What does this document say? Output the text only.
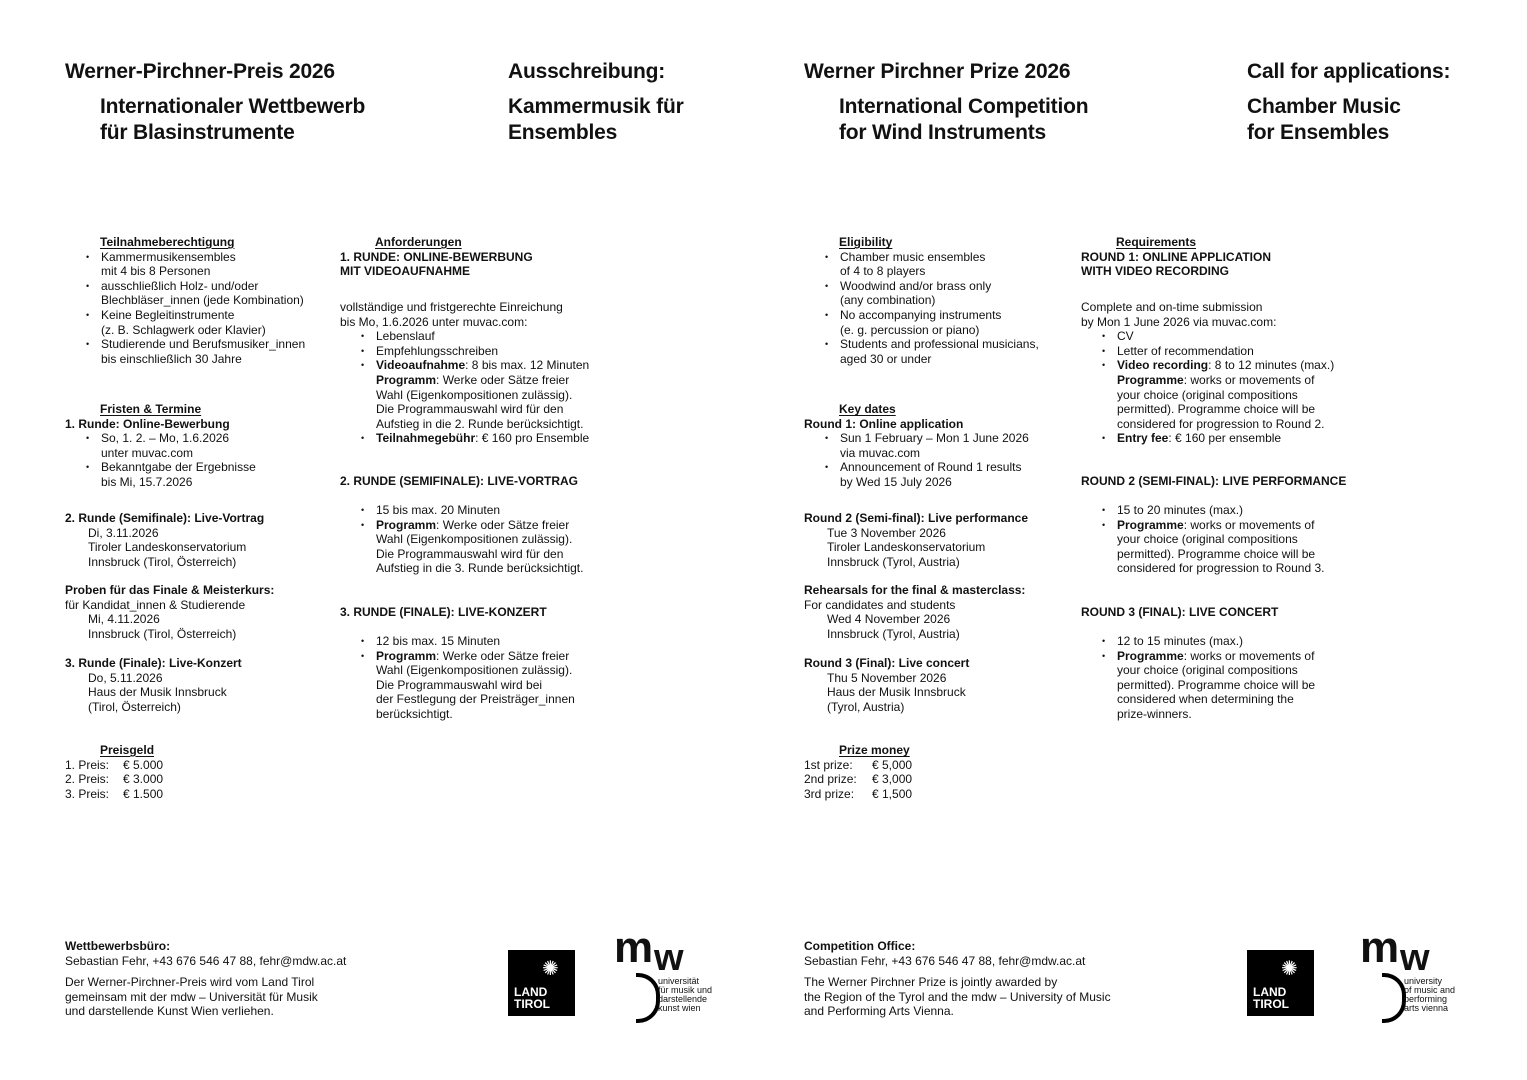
Werner-Pirchner-Preis 2026
Internationaler Wettbewerb
für Blasinstrumente
Ausschreibung:
Kammermusik für
Ensembles
Werner Pirchner Prize 2026
International Competition
for Wind Instruments
Call for applications:
Chamber Music
for Ensembles
Teilnahmeberechtigung
• Kammermusikensembles
mit 4 bis 8 Personen
• ausschließlich Holz- und/oder
Blechbläser_innen (jede Kombination)
• Keine Begleitinstrumente
(z. B. Schlagwerk oder Klavier)
• Studierende und Berufsmusiker_innen
bis einschließlich 30 Jahre
Fristen & Termine
1. Runde: Online-Bewerbung
• So, 1. 2. – Mo, 1.6.2026
unter muvac.com
• Bekanntgabe der Ergebnisse
bis Mi, 15.7.2026
2. Runde (Semifinale): Live-Vortrag
Di, 3.11.2026
Tiroler Landeskonservatorium
Innsbruck (Tirol, Österreich)
Proben für das Finale & Meisterkurs:
für Kandidat_innen & Studierende
Mi, 4.11.2026
Innsbruck (Tirol, Österreich)
3. Runde (Finale): Live-Konzert
Do, 5.11.2026
Haus der Musik Innsbruck
(Tirol, Österreich)
Preisgeld
1. Preis: € 5.000
2. Preis: € 3.000
3. Preis: € 1.500
Anforderungen
1. RUNDE: ONLINE-BEWERBUNG
MIT VIDEOAUFNAHME
vollständige und fristgerechte Einreichung
bis Mo, 1.6.2026 unter muvac.com:
• Lebenslauf
• Empfehlungsschreiben
• Videoaufnahme: 8 bis max. 12 Minuten
Programm: Werke oder Sätze freier
Wahl (Eigenkompositionen zulässig).
Die Programmauswahl wird für den
Aufstieg in die 2. Runde berücksichtigt.
• Teilnahmegebühr: € 160 pro Ensemble
2. RUNDE (SEMIFINALE): LIVE-VORTRAG
• 15 bis max. 20 Minuten
• Programm: Werke oder Sätze freier
Wahl (Eigenkompositionen zulässig).
Die Programmauswahl wird für den
Aufstieg in die 3. Runde berücksichtigt.
3. RUNDE (FINALE): LIVE-KONZERT
• 12 bis max. 15 Minuten
• Programm: Werke oder Sätze freier
Wahl (Eigenkompositionen zulässig).
Die Programmauswahl wird bei
der Festlegung der Preisträger_innen
berücksichtigt.
Eligibility
• Chamber music ensembles
of 4 to 8 players
• Woodwind and/or brass only
(any combination)
• No accompanying instruments
(e. g. percussion or piano)
• Students and professional musicians,
aged 30 or under
Key dates
Round 1: Online application
• Sun 1 February – Mon 1 June 2026
via muvac.com
• Announcement of Round 1 results
by Wed 15 July 2026
Round 2 (Semi-final): Live performance
Tue 3 November 2026
Tiroler Landeskonservatorium
Innsbruck (Tyrol, Austria)
Rehearsals for the final & masterclass:
For candidates and students
Wed 4 November 2026
Innsbruck (Tyrol, Austria)
Round 3 (Final): Live concert
Thu 5 November 2026
Haus der Musik Innsbruck
(Tyrol, Austria)
Prize money
1st prize: € 5,000
2nd prize: € 3,000
3rd prize: € 1,500
Requirements
ROUND 1: ONLINE APPLICATION
WITH VIDEO RECORDING
Complete and on-time submission
by Mon 1 June 2026 via muvac.com:
• CV
• Letter of recommendation
• Video recording: 8 to 12 minutes (max.)
Programme: works or movements of
your choice (original compositions
permitted). Programme choice will be
considered for progression to Round 2.
• Entry fee: € 160 per ensemble
ROUND 2 (SEMI-FINAL): LIVE PERFORMANCE
• 15 to 20 minutes (max.)
• Programme: works or movements of
your choice (original compositions
permitted). Programme choice will be
considered for progression to Round 3.
ROUND 3 (FINAL): LIVE CONCERT
• 12 to 15 minutes (max.)
• Programme: works or movements of
your choice (original compositions
permitted). Programme choice will be
considered when determining the
prize-winners.
Wettbewerbsbüro:
Sebastian Fehr, +43 676 546 47 88, fehr@mdw.ac.at
Der Werner-Pirchner-Preis wird vom Land Tirol
gemeinsam mit der mdw – Universität für Musik
und darstellende Kunst Wien verliehen.
✺
LAND
TIROL
m w
universität
für musik und
darstellende
kunst wien
Competition Office:
Sebastian Fehr, +43 676 546 47 88, fehr@mdw.ac.at
The Werner Pirchner Prize is jointly awarded by
the Region of the Tyrol and the mdw – University of Music
and Performing Arts Vienna.
✺
LAND
TIROL
m w
university
of music and
performing
arts vienna
